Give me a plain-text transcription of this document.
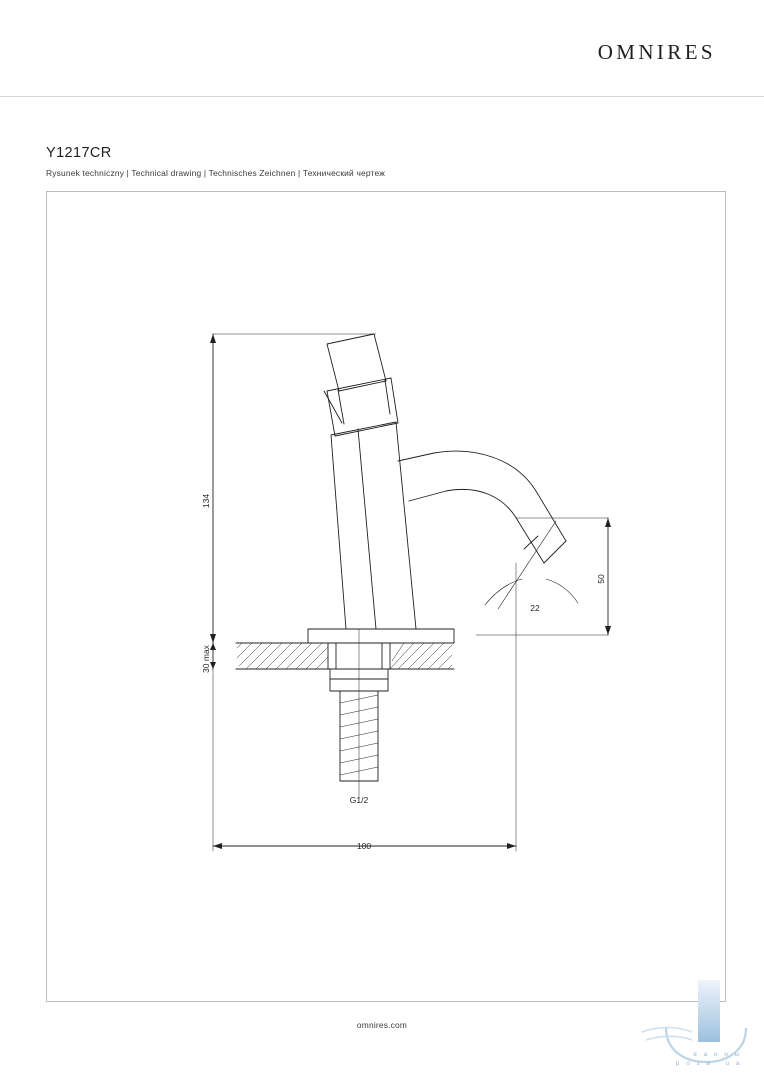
OMNIRES
Y1217CR
Rysunek techniczny | Technical drawing | Technisches Zeichnen | Технический чертеж
134
30 max
50
22
G1/2
100
omnires.com
в а н н ы
р о з а . u a
